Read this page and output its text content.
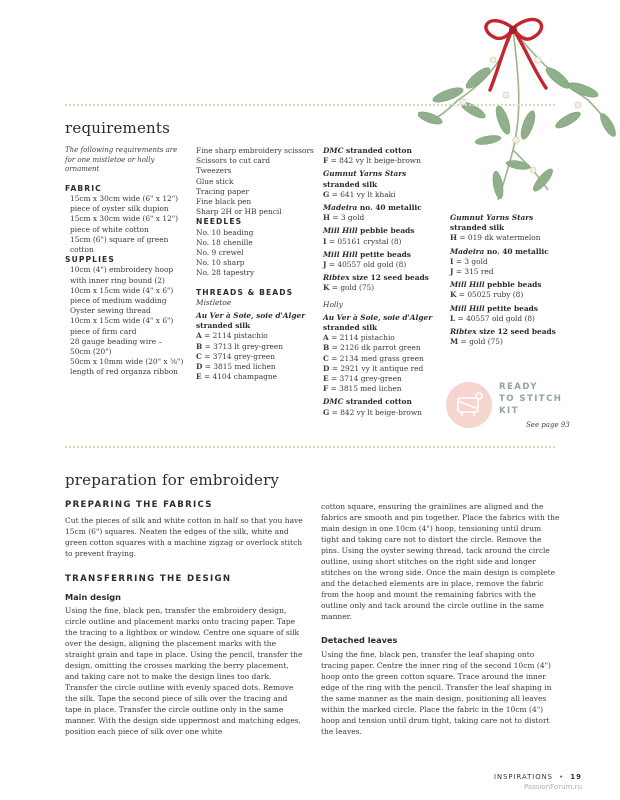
requirements
The following requirements are for one mistletoe or holly ornament
FABRIC
15cm x 30cm wide (6" x 12") piece of oyster silk dupion
15cm x 30cm wide (6" x 12") piece of white cotton
15cm (6") square of green cotton
SUPPLIES
10cm (4") embroidery hoop with inner ring bound (2)
10cm x 15cm wide (4" x 6") piece of medium wadding
Oyster sewing thread
10cm x 15cm wide (4" x 6") piece of firm card
28 gauge beading wire – 50cm (20")
50cm x 10mm wide (20" x ⅜") length of red organza ribbon
Fine sharp embroidery scissors
Scissors to cut card
Tweezers
Glue stick
Tracing paper
Fine black pen
Sharp 2H or HB pencil
NEEDLES
No. 10 beading
No. 18 chenille
No. 9 crewel
No. 10 sharp
No. 28 tapestry
THREADS & BEADS
Mistletoe
Au Ver à Soie, soie d'Alger
stranded silk
A = 2114 pistachio
B = 3713 lt grey-green
C = 3714 grey-green
D = 3815 med lichen
E = 4104 champagne
DMC stranded cotton
F = 842 vy lt beige-brown
Gumnut Yarns Stars
stranded silk
G = 641 vy lt khaki
Madeira no. 40 metallic
H = 3 gold
Mill Hill pebble beads
I = 05161 crystal (8)
Mill Hill petite beads
J = 40557 old gold (8)
Ribtex size 12 seed beads
K = gold (75)
Holly
Au Ver à Soie, soie d'Alger
stranded silk
A = 2114 pistachio
B = 2126 dk parrot green
C = 2134 med grass green
D = 2921 vy lt antique red
E = 3714 grey-green
F = 3815 med lichen
DMC stranded cotton
G = 842 vy lt beige-brown
Gumnut Yarns Stars
stranded silk
H = 019 dk watermelon
Madeira no. 40 metallic
I = 3 gold
J = 315 red
Mill Hill pebble beads
K = 05025 ruby (8)
Mill Hill petite beads
L = 40557 old gold (8)
Ribtex size 12 seed beads
M = gold (75)
READY
TO STITCH
KIT
See page 93
preparation for embroidery
PREPARING THE FABRICS
Cut the pieces of silk and white cotton in half so that you have 15cm (6") squares. Neaten the edges of the silk, white and green cotton squares with a machine zigzag or overlock stitch to prevent fraying.
TRANSFERRING THE DESIGN
Main design
Using the fine, black pen, transfer the embroidery design, circle outline and placement marks onto tracing paper. Tape the tracing to a lightbox or window. Centre one square of silk over the design, aligning the placement marks with the straight grain and tape in place. Using the pencil, transfer the design, omitting the crosses marking the berry placement, and taking care not to make the design lines too dark. Transfer the circle outline with evenly spaced dots. Remove the silk. Tape the second piece of silk over the tracing and tape in place. Transfer the circle outline only in the same manner. With the design side uppermost and matching edges, position each piece of silk over one white
cotton square, ensuring the grainlines are aligned and the fabrics are smooth and pin together. Place the fabrics with the main design in one 10cm (4") hoop, tensioning until drum tight and taking care not to distort the circle. Remove the pins. Using the oyster sewing thread, tack around the circle outline, using short stitches on the right side and longer stitches on the wrong side. Once the main design is complete and the detached elements are in place, remove the fabric from the hoop and mount the remaining fabrics with the outline only and tack around the circle outline in the same manner.
Detached leaves
Using the fine, black pen, transfer the leaf shaping onto tracing paper. Centre the inner ring of the second 10cm (4") hoop onto the green cotton square. Trace around the inner edge of the ring with the pencil. Transfer the leaf shaping in the same manner as the main design, positioning all leaves within the marked circle. Place the fabric in the 10cm (4") hoop and tension until drum tight, taking care not to distort the leaves.
INSPIRATIONS • 19
PassionForum.ru
